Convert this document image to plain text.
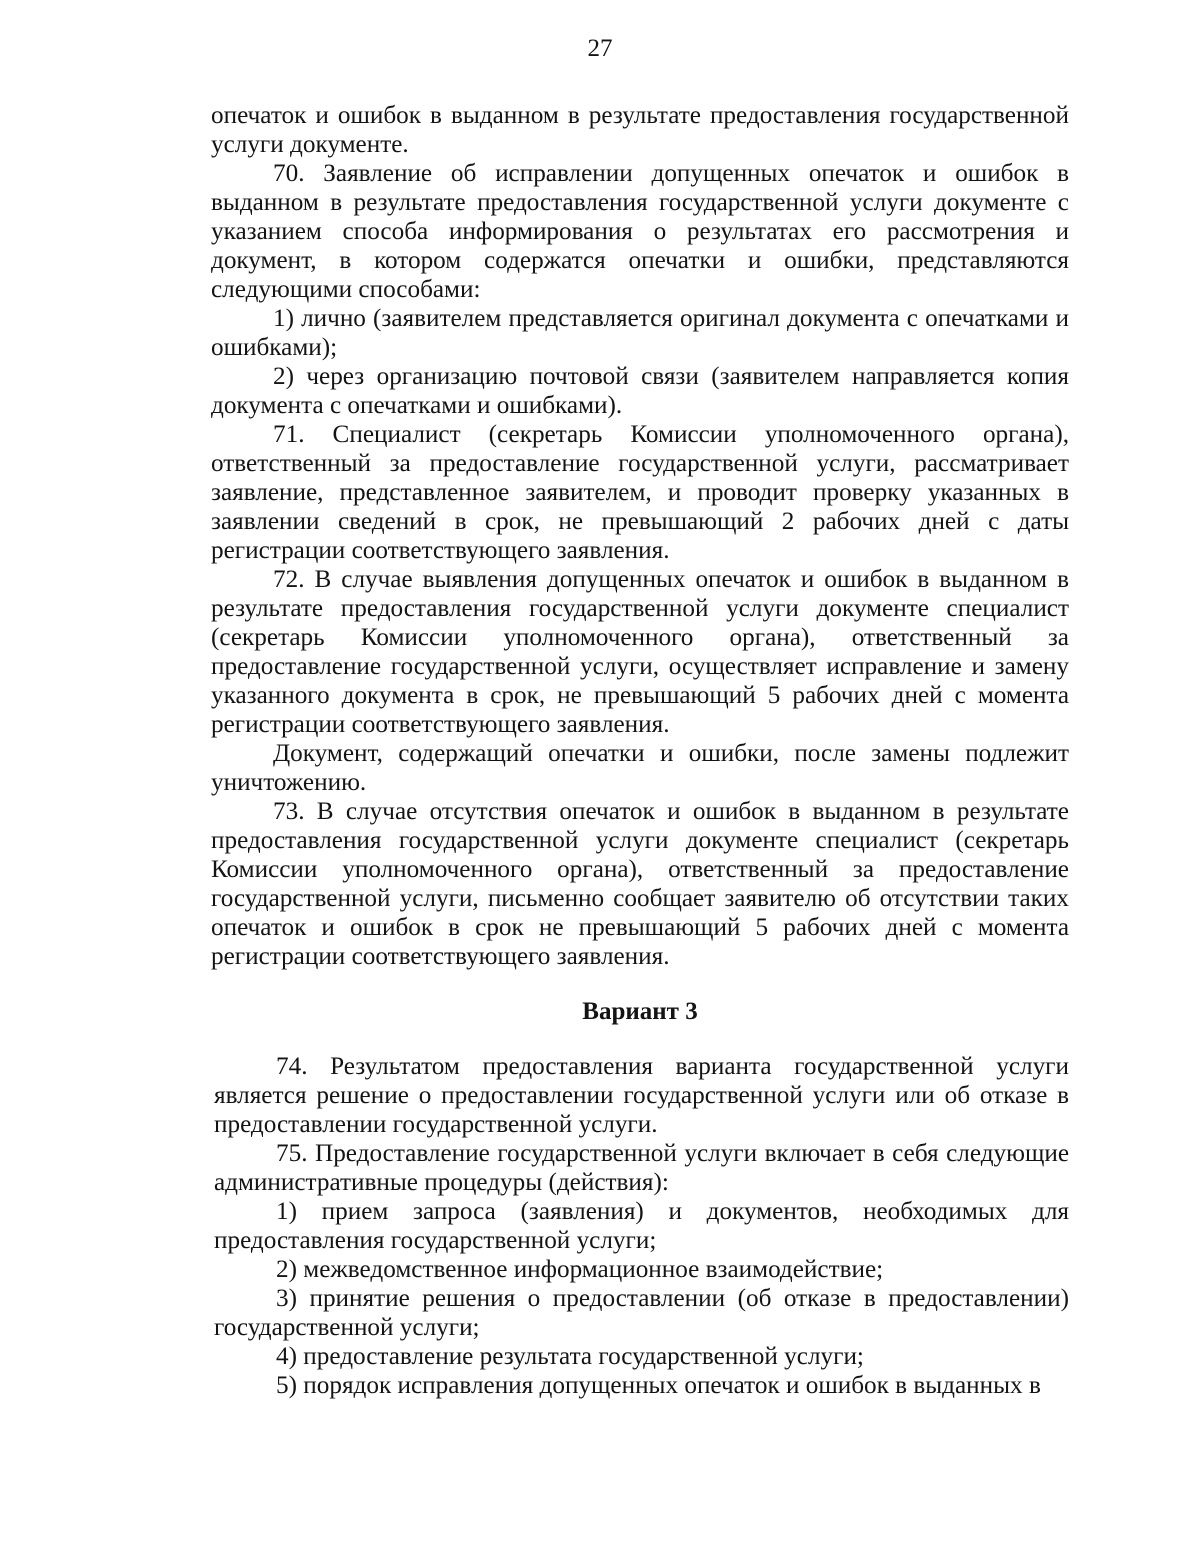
27

опечаток и ошибок в выданном в результате предоставления государственной услуги документе.

70. Заявление об исправлении допущенных опечаток и ошибок в выданном в результате предоставления государственной услуги документе с указанием способа информирования о результатах его рассмотрения и документ, в котором содержатся опечатки и ошибки, представляются следующими способами:

1) лично (заявителем представляется оригинал документа с опечатками и ошибками);

2) через организацию почтовой связи (заявителем направляется копия документа с опечатками и ошибками).

71. Специалист (секретарь Комиссии уполномоченного органа), ответственный за предоставление государственной услуги, рассматривает заявление, представленное заявителем, и проводит проверку указанных в заявлении сведений в срок, не превышающий 2 рабочих дней с даты регистрации соответствующего заявления.

72. В случае выявления допущенных опечаток и ошибок в выданном в результате предоставления государственной услуги документе специалист (секретарь Комиссии уполномоченного органа), ответственный за предоставление государственной услуги, осуществляет исправление и замену указанного документа в срок, не превышающий 5 рабочих дней с момента регистрации соответствующего заявления.

Документ, содержащий опечатки и ошибки, после замены подлежит уничтожению.

73. В случае отсутствия опечаток и ошибок в выданном в результате предоставления государственной услуги документе специалист (секретарь Комиссии уполномоченного органа), ответственный за предоставление государственной услуги, письменно сообщает заявителю об отсутствии таких опечаток и ошибок в срок не превышающий 5 рабочих дней с момента регистрации соответствующего заявления.

Вариант 3

74. Результатом предоставления варианта государственной услуги является решение о предоставлении государственной услуги или об отказе в предоставлении государственной услуги.

75. Предоставление государственной услуги включает в себя следующие административные процедуры (действия):

1) прием запроса (заявления) и документов, необходимых для предоставления государственной услуги;

2) межведомственное информационное взаимодействие;

3) принятие решения о предоставлении (об отказе в предоставлении) государственной услуги;

4) предоставление результата государственной услуги;

5) порядок исправления допущенных опечаток и ошибок в выданных в
